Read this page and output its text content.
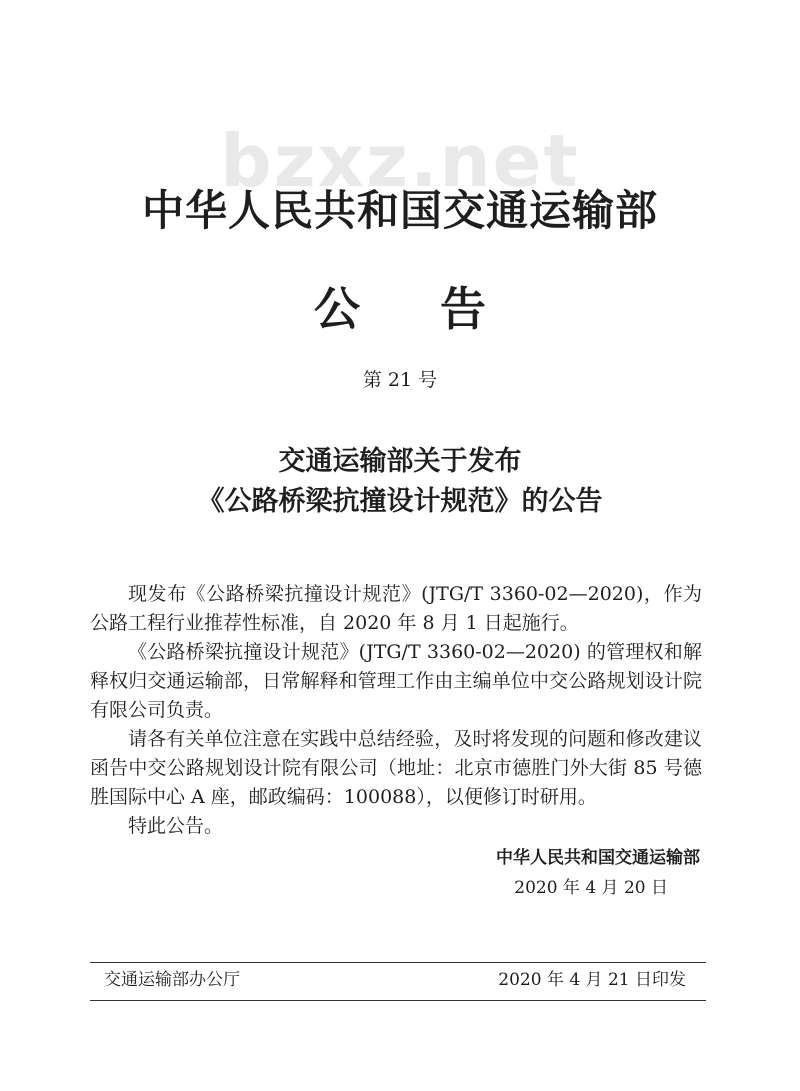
bzxz.net
中华人民共和国交通运输部
公 告
第 21 号
交通运输部关于发布
《公路桥梁抗撞设计规范》的公告

现发布《公路桥梁抗撞设计规范》(JTG/T 3360-02—2020)，作为公路工程行业推荐性标准，自 2020 年 8 月 1 日起施行。

《公路桥梁抗撞设计规范》(JTG/T 3360-02—2020) 的管理权和解释权归交通运输部，日常解释和管理工作由主编单位中交公路规划设计院有限公司负责。

请各有关单位注意在实践中总结经验，及时将发现的问题和修改建议函告中交公路规划设计院有限公司（地址：北京市德胜门外大街 85 号德胜国际中心 A 座，邮政编码：100088），以便修订时研用。

特此公告。

中华人民共和国交通运输部
2020 年 4 月 20 日
交通运输部办公厅	2020 年 4 月 21 日印发
